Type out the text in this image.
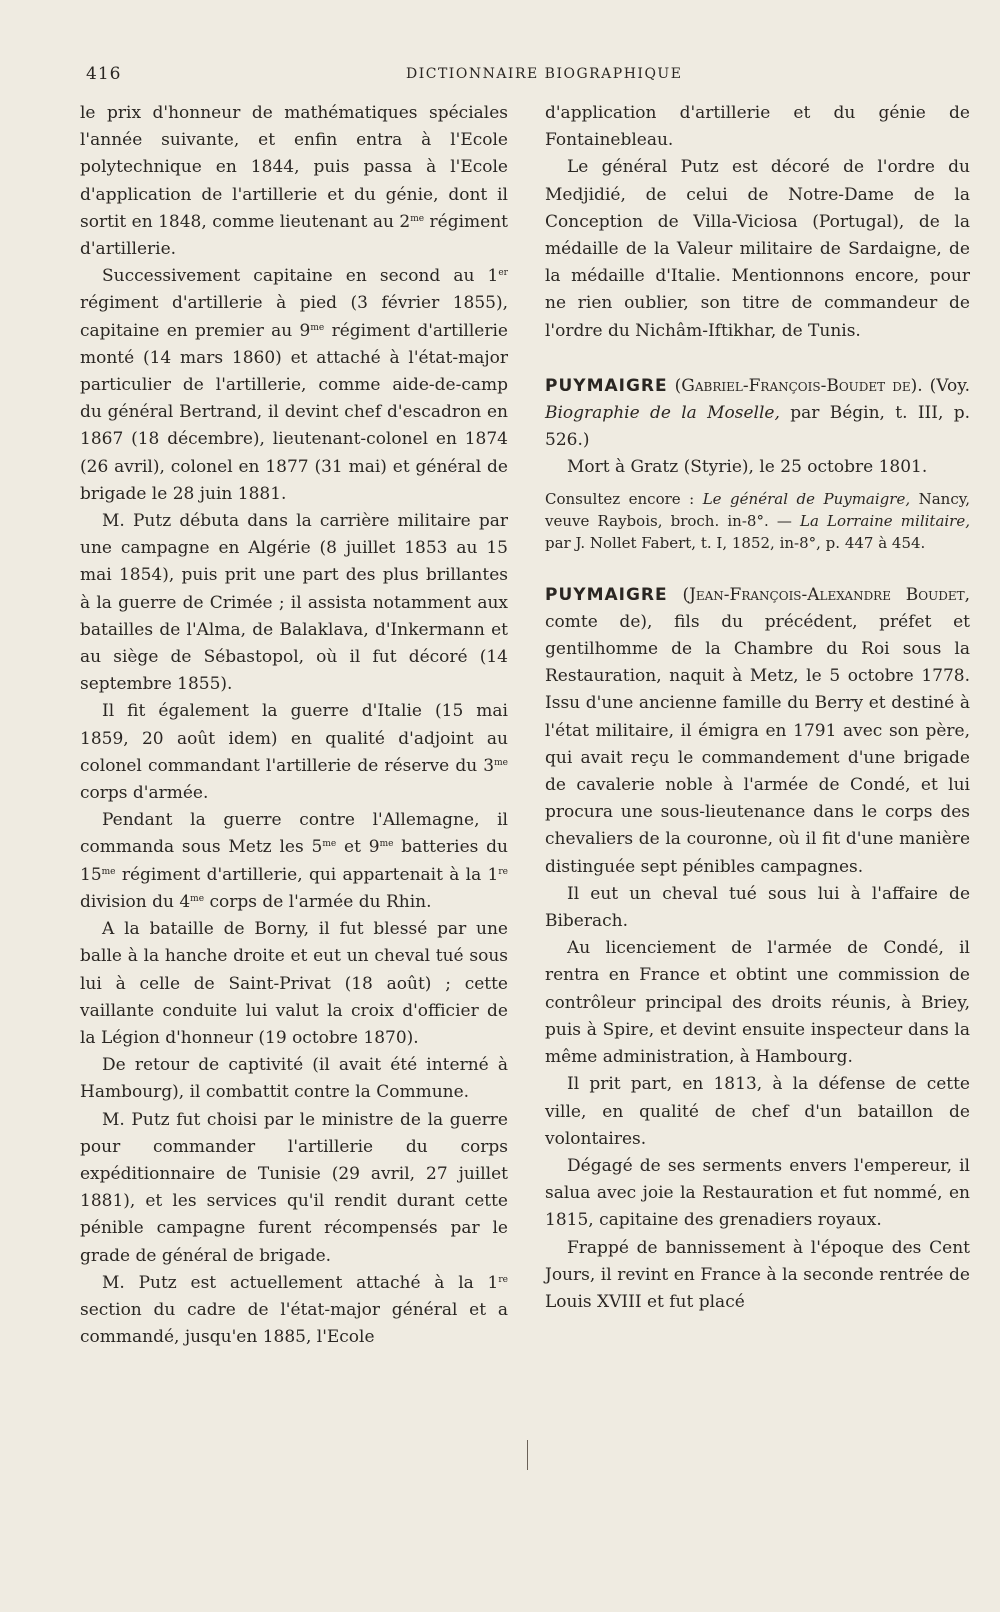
416	DICTIONNAIRE BIOGRAPHIQUE

le prix d'honneur de mathématiques spéciales l'année suivante, et enfin entra à l'Ecole polytechnique en 1844, puis passa à l'Ecole d'application de l'artillerie et du génie, dont il sortit en 1848, comme lieutenant au $2^{me}$ régiment d'artillerie.

Successivement capitaine en second au 1er régiment d'artillerie à pied (3 février 1855), capitaine en premier au $9^{me}$ régiment d'artillerie monté (14 mars 1860) et attaché à l'état-major particulier de l'artillerie, comme aide-de-camp du général Bertrand, il devint chef d'escadron en 1867 (18 décembre), lieutenant-colonel en 1874 (26 avril), colonel en 1877 (31 mai) et général de brigade le 28 juin 1881.

M. Putz débuta dans la carrière militaire par une campagne en Algérie (8 juillet 1853 au 15 mai 1854), puis prit une part des plus brillantes à la guerre de Crimée ; il assista notamment aux batailles de l'Alma, de Balaklava, d'Inkermann et au siège de Sébastopol, où il fut décoré (14 septembre 1855).

Il fit également la guerre d'Italie (15 mai 1859, 20 août idem) en qualité d'adjoint au colonel commandant l'artillerie de réserve du $3^{me}$ corps d'armée.

Pendant la guerre contre l'Allemagne, il commanda sous Metz les $5^{me}$ et $9^{me}$ batteries du $15^{me}$ régiment d'artillerie, qui appartenait à la 1re division du $4^{me}$ corps de l'armée du Rhin.

A la bataille de Borny, il fut blessé par une balle à la hanche droite et eut un cheval tué sous lui à celle de Saint-Privat (18 août) ; cette vaillante conduite lui valut la croix d'officier de la Légion d'honneur (19 octobre 1870).

De retour de captivité (il avait été interné à Hambourg), il combattit contre la Commune.

M. Putz fut choisi par le ministre de la guerre pour commander l'artillerie du corps expéditionnaire de Tunisie (29 avril, 27 juillet 1881), et les services qu'il rendit durant cette pénible campagne furent récompensés par le grade de général de brigade.

M. Putz est actuellement attaché à la 1re section du cadre de l'état-major général et a commandé, jusqu'en 1885, l'Ecole

d'application d'artillerie et du génie de Fontainebleau.

Le général Putz est décoré de l'ordre du Medjidié, de celui de Notre-Dame de la Conception de Villa-Viciosa (Portugal), de la médaille de la Valeur militaire de Sardaigne, de la médaille d'Italie. Mentionnons encore, pour ne rien oublier, son titre de commandeur de l'ordre du Nichâm-Iftikhar, de Tunis.

PUYMAIGRE (Gabriel-François-Boudet de). (Voy. Biographie de la Moselle, par Bégin, t. III, p. 526.)

Mort à Gratz (Styrie), le 25 octobre 1801.

Consultez encore : Le général de Puymaigre, Nancy, veuve Raybois, broch. in-8°. — La Lorraine militaire, par J. Nollet Fabert, t. I, 1852, in-8°, p. 447 à 454.

PUYMAIGRE (Jean-François-Alexandre Boudet, comte de), fils du précédent, préfet et gentilhomme de la Chambre du Roi sous la Restauration, naquit à Metz, le 5 octobre 1778. Issu d'une ancienne famille du Berry et destiné à l'état militaire, il émigra en 1791 avec son père, qui avait reçu le commandement d'une brigade de cavalerie noble à l'armée de Condé, et lui procura une sous-lieutenance dans le corps des chevaliers de la couronne, où il fit d'une manière distinguée sept pénibles campagnes.

Il eut un cheval tué sous lui à l'affaire de Biberach.

Au licenciement de l'armée de Condé, il rentra en France et obtint une commission de contrôleur principal des droits réunis, à Briey, puis à Spire, et devint ensuite inspecteur dans la même administration, à Hambourg.

Il prit part, en 1813, à la défense de cette ville, en qualité de chef d'un bataillon de volontaires.

Dégagé de ses serments envers l'empereur, il salua avec joie la Restauration et fut nommé, en 1815, capitaine des grenadiers royaux.

Frappé de bannissement à l'époque des Cent Jours, il revint en France à la seconde rentrée de Louis XVIII et fut placé
